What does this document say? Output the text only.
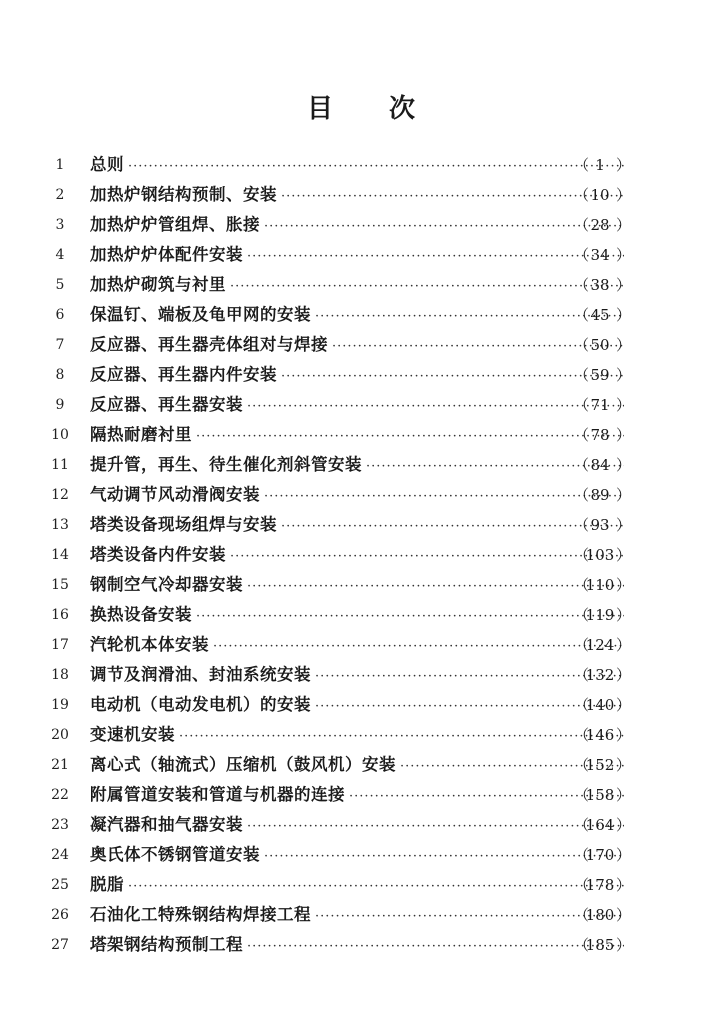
目 次
1	总则 ·····	（ 1 ）
2	加热炉钢结构预制、安装 ·····	（10 ）
3	加热炉炉管组焊、胀接 ·····	（28 ）
4	加热炉炉体配件安装 ·····	（34 ）
5	加热炉砌筑与衬里 ·····	（38 ）
6	保温钉、端板及龟甲网的安装 ·····	（45 ）
7	反应器、再生器壳体组对与焊接 ·····	（50 ）
8	反应器、再生器内件安装 ·····	（59 ）
9	反应器、再生器安装 ·····	（71 ）
10	隔热耐磨衬里 ·····	（78 ）
11	提升管，再生、待生催化剂斜管安装 ·····	（84 ）
12	气动调节风动滑阀安装 ·····	（89 ）
13	塔类设备现场组焊与安装 ·····	（93 ）
14	塔类设备内件安装 ·····	（103 ）
15	钢制空气冷却器安装 ·····	（110 ）
16	换热设备安装 ·····	（119 ）
17	汽轮机本体安装 ·····	（124 ）
18	调节及润滑油、封油系统安装 ·····	（132 ）
19	电动机（电动发电机）的安装 ·····	（140 ）
20	变速机安装 ·····	（146 ）
21	离心式（轴流式）压缩机（鼓风机）安装 ·····	（152 ）
22	附属管道安装和管道与机器的连接 ·····	（158 ）
23	凝汽器和抽气器安装 ·····	（164 ）
24	奥氏体不锈钢管道安装 ·····	（170 ）
25	脱脂 ·····	（178 ）
26	石油化工特殊钢结构焊接工程 ·····	（180 ）
27	塔架钢结构预制工程 ·····	（185 ）
